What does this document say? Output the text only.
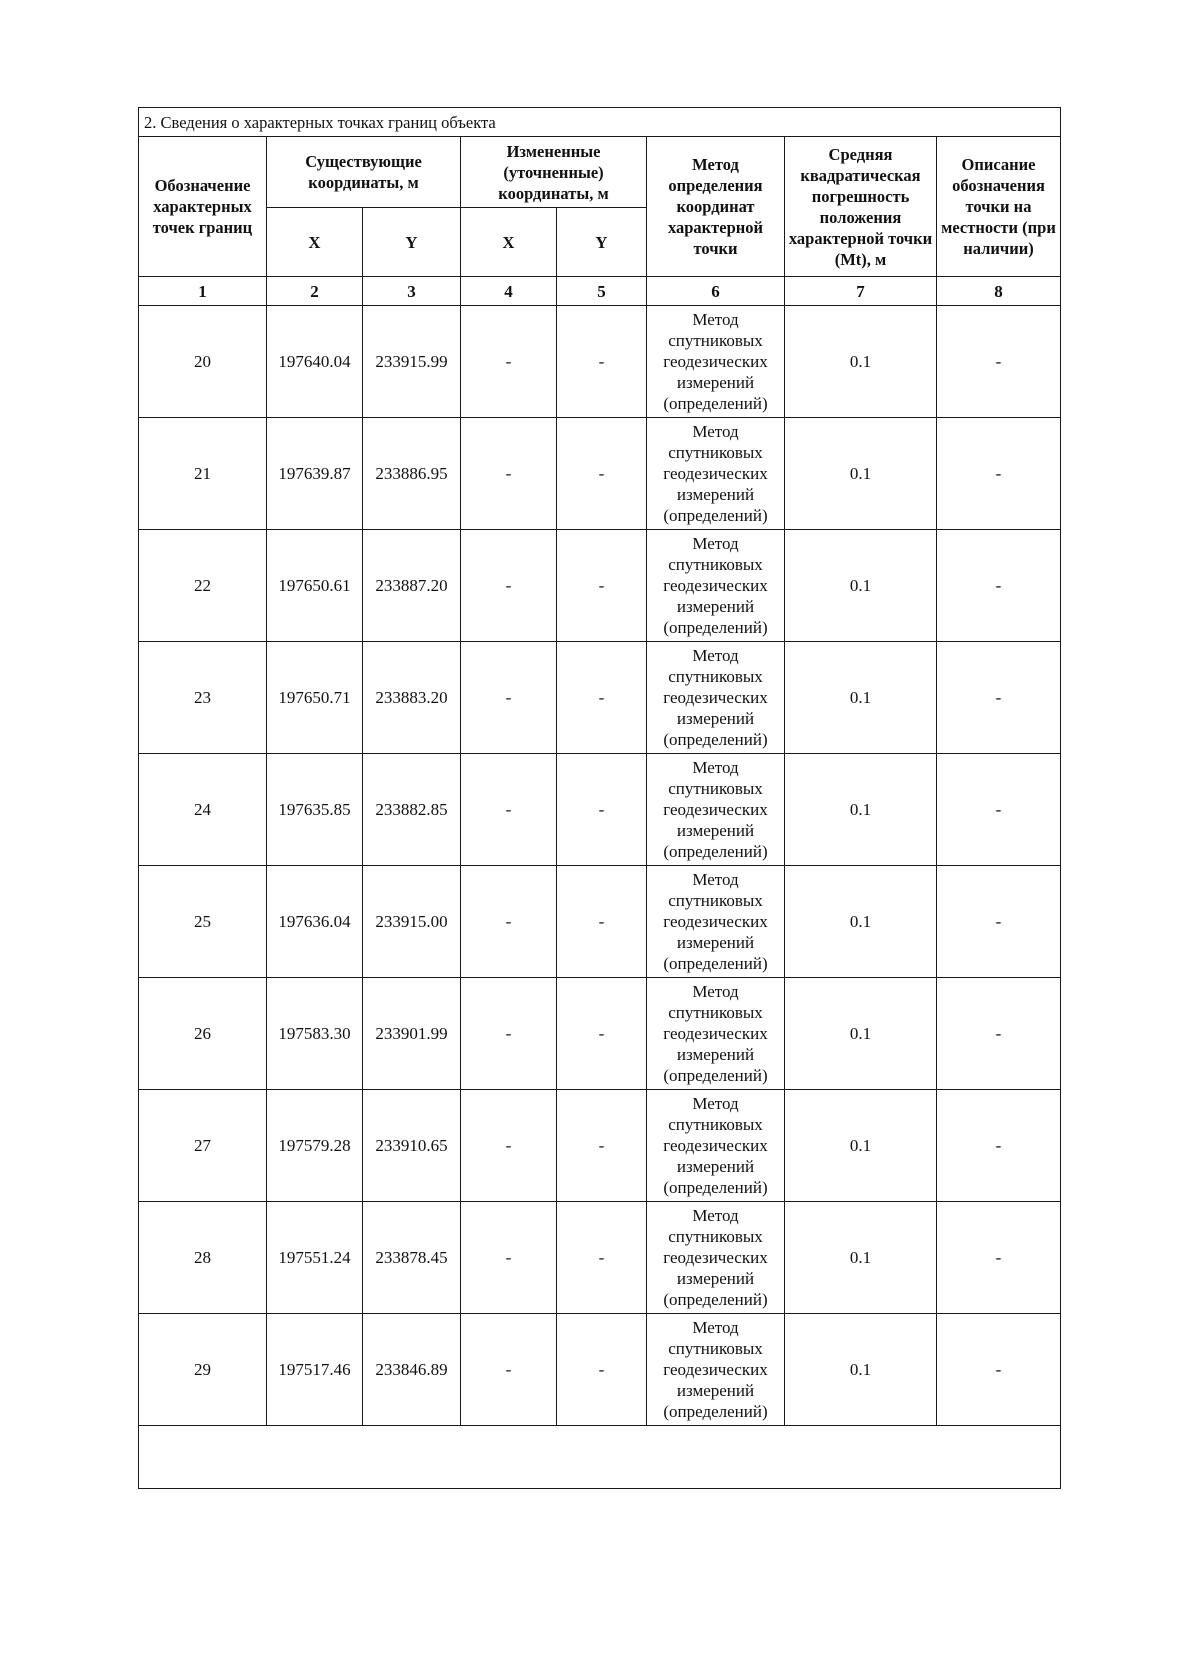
2. Сведения о характерных точках границ объекта							
Обозначение характерных точек границ	Существующие координаты, м		Измененные (уточненные) координаты, м		Метод определения координат характерной точки	Средняя квадратическая погрешность положения характерной точки (Mt), м	Описание обозначения точки на местности (при наличии)
	X	Y	X	Y			
1	2	3	4	5	6	7	8
20	197640.04	233915.99	-	-	Метод спутниковых геодезических измерений (определений)	0.1	-
21	197639.87	233886.95	-	-	Метод спутниковых геодезических измерений (определений)	0.1	-
22	197650.61	233887.20	-	-	Метод спутниковых геодезических измерений (определений)	0.1	-
23	197650.71	233883.20	-	-	Метод спутниковых геодезических измерений (определений)	0.1	-
24	197635.85	233882.85	-	-	Метод спутниковых геодезических измерений (определений)	0.1	-
25	197636.04	233915.00	-	-	Метод спутниковых геодезических измерений (определений)	0.1	-
26	197583.30	233901.99	-	-	Метод спутниковых геодезических измерений (определений)	0.1	-
27	197579.28	233910.65	-	-	Метод спутниковых геодезических измерений (определений)	0.1	-
28	197551.24	233878.45	-	-	Метод спутниковых геодезических измерений (определений)	0.1	-
29	197517.46	233846.89	-	-	Метод спутниковых геодезических измерений (определений)	0.1	-
